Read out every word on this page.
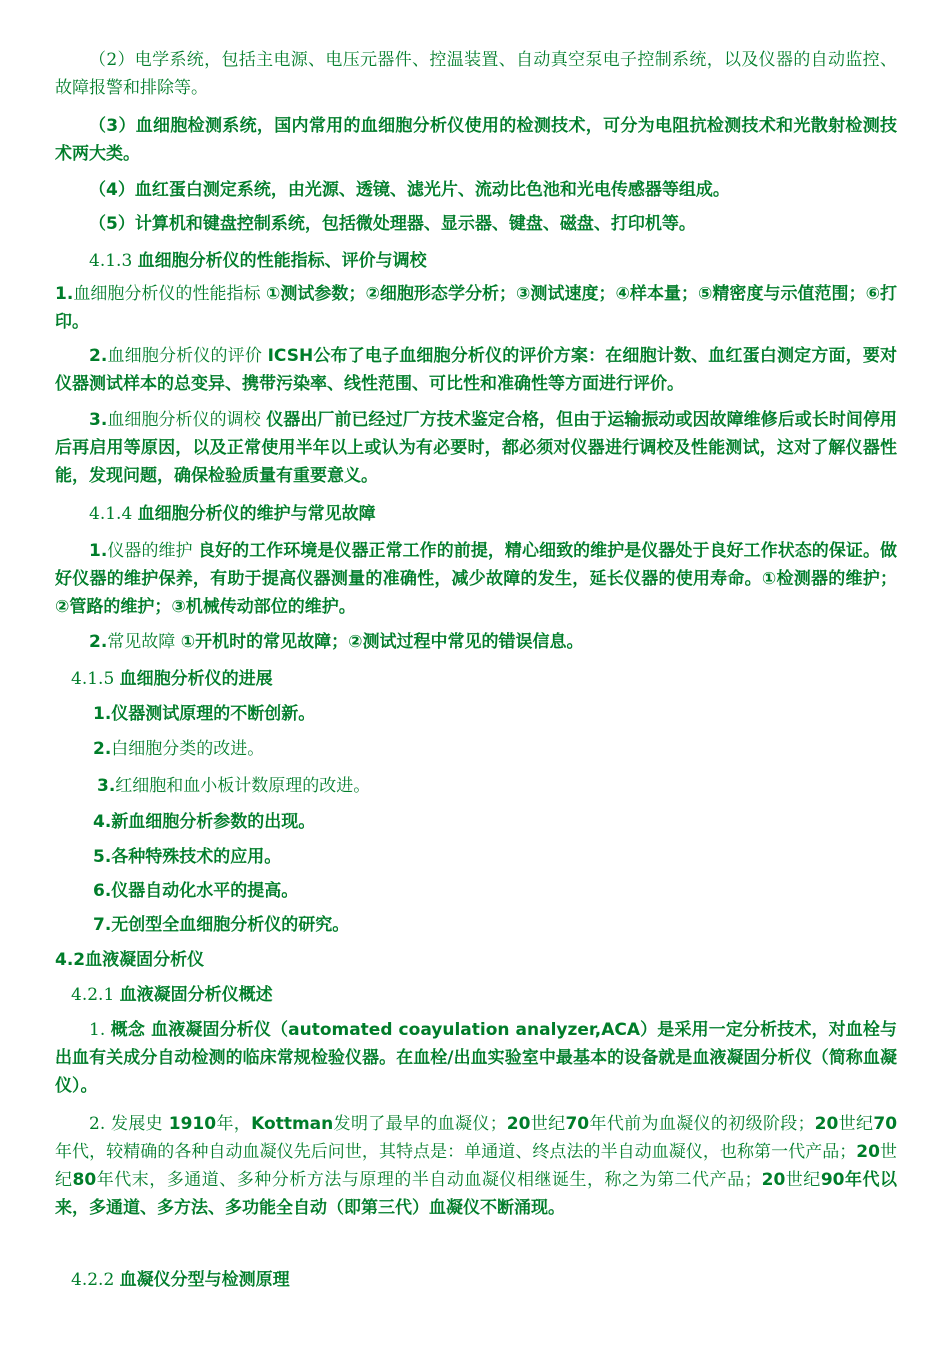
（2）电学系统，包括主电源、电压元器件、控温装置、自动真空泵电子控制系统，以及仪器的自动监控、故障报警和排除等。

（3）血细胞检测系统，国内常用的血细胞分析仪使用的检测技术，可分为电阻抗检测技术和光散射检测技术两大类。

（4）血红蛋白测定系统，由光源、透镜、滤光片、流动比色池和光电传感器等组成。

（5）计算机和键盘控制系统，包括微处理器、显示器、键盘、磁盘、打印机等。

4.1.3 血细胞分析仪的性能指标、评价与调校

1.血细胞分析仪的性能指标 ①测试参数；②细胞形态学分析；③测试速度；④样本量；⑤精密度与示值范围；⑥打印。

2.血细胞分析仪的评价 ICSH公布了电子血细胞分析仪的评价方案：在细胞计数、血红蛋白测定方面，要对仪器测试样本的总变异、携带污染率、线性范围、可比性和准确性等方面进行评价。

3.血细胞分析仪的调校 仪器出厂前已经过厂方技术鉴定合格，但由于运输振动或因故障维修后或长时间停用后再启用等原因，以及正常使用半年以上或认为有必要时，都必须对仪器进行调校及性能测试，这对了解仪器性能，发现问题，确保检验质量有重要意义。

4.1.4 血细胞分析仪的维护与常见故障

1.仪器的维护 良好的工作环境是仪器正常工作的前提，精心细致的维护是仪器处于良好工作状态的保证。做好仪器的维护保养，有助于提高仪器测量的准确性，减少故障的发生，延长仪器的使用寿命。①检测器的维护；②管路的维护；③机械传动部位的维护。

2.常见故障 ①开机时的常见故障；②测试过程中常见的错误信息。

4.1.5 血细胞分析仪的进展

1.仪器测试原理的不断创新。

2.白细胞分类的改进。

3.红细胞和血小板计数原理的改进。

4.新血细胞分析参数的出现。

5.各种特殊技术的应用。

6.仪器自动化水平的提高。

7.无创型全血细胞分析仪的研究。

4.2血液凝固分析仪

4.2.1 血液凝固分析仪概述

1. 概念 血液凝固分析仪（automated coayulation analyzer,ACA）是采用一定分析技术，对血栓与出血有关成分自动检测的临床常规检验仪器。在血栓/出血实验室中最基本的设备就是血液凝固分析仪（简称血凝仪）。

2. 发展史 1910年，Kottman发明了最早的血凝仪；20世纪70年代前为血凝仪的初级阶段；20世纪70年代，较精确的各种自动血凝仪先后问世，其特点是：单通道、终点法的半自动血凝仪，也称第一代产品；20世纪80年代末，多通道、多种分析方法与原理的半自动血凝仪相继诞生，称之为第二代产品；20世纪90年代以来，多通道、多方法、多功能全自动（即第三代）血凝仪不断涌现。

4.2.2 血凝仪分型与检测原理
